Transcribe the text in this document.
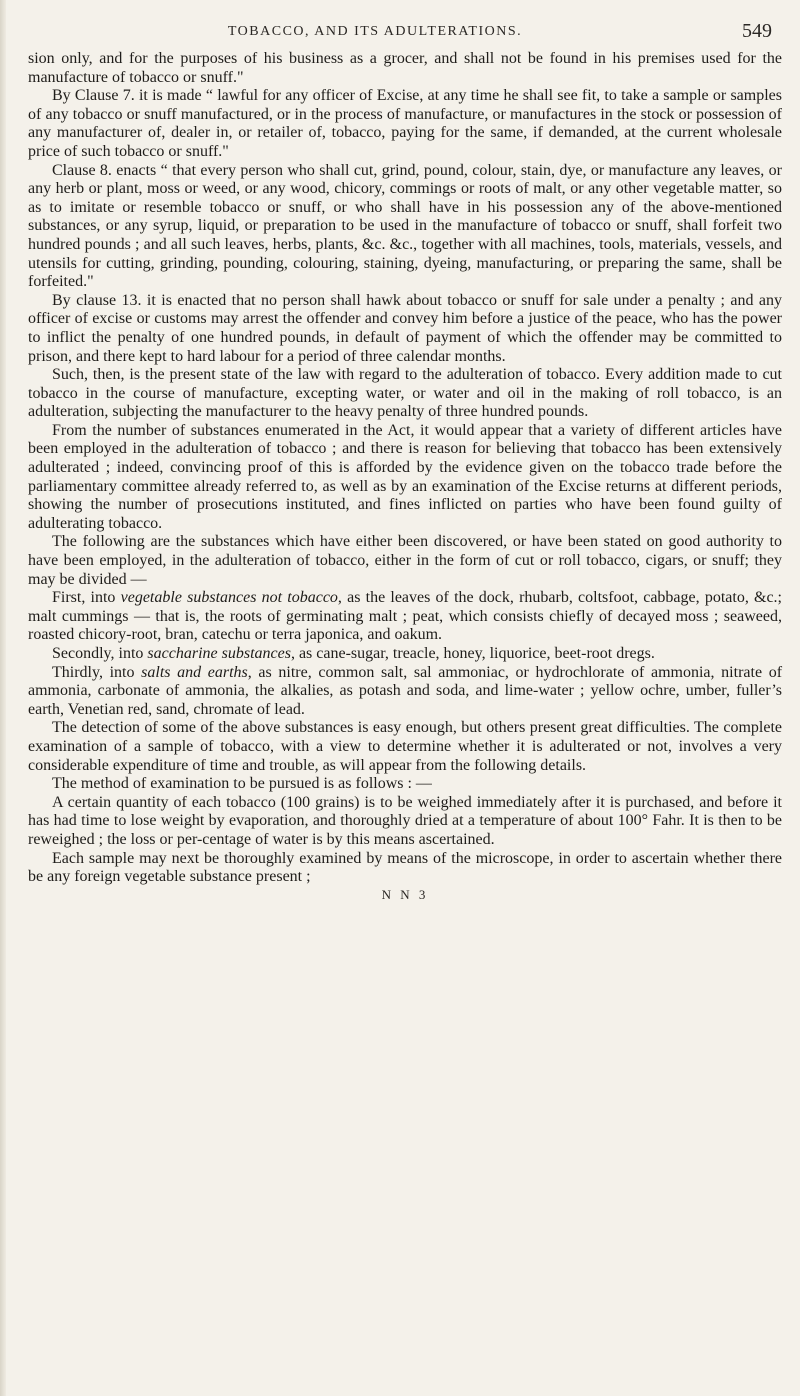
TOBACCO, AND ITS ADULTERATIONS.	549

sion only, and for the purposes of his business as a grocer, and shall not be found in his premises used for the manufacture of tobacco or snuff."

By Clause 7. it is made “ lawful for any officer of Excise, at any time he shall see fit, to take a sample or samples of any tobacco or snuff manufactured, or in the process of manufacture, or manufactures in the stock or possession of any manufacturer of, dealer in, or retailer of, tobacco, paying for the same, if demanded, at the current wholesale price of such tobacco or snuff."

Clause 8. enacts “ that every person who shall cut, grind, pound, colour, stain, dye, or manufacture any leaves, or any herb or plant, moss or weed, or any wood, chicory, commings or roots of malt, or any other vegetable matter, so as to imitate or resemble tobacco or snuff, or who shall have in his possession any of the above-mentioned substances, or any syrup, liquid, or preparation to be used in the manufacture of tobacco or snuff, shall forfeit two hundred pounds ; and all such leaves, herbs, plants, &c. &c., together with all machines, tools, materials, vessels, and utensils for cutting, grinding, pounding, colouring, staining, dyeing, manufacturing, or preparing the same, shall be forfeited."

By clause 13. it is enacted that no person shall hawk about tobacco or snuff for sale under a penalty ; and any officer of excise or customs may arrest the offender and convey him before a justice of the peace, who has the power to inflict the penalty of one hundred pounds, in default of payment of which the offender may be committed to prison, and there kept to hard labour for a period of three calendar months.

Such, then, is the present state of the law with regard to the adulteration of tobacco. Every addition made to cut tobacco in the course of manufacture, excepting water, or water and oil in the making of roll tobacco, is an adulteration, subjecting the manufacturer to the heavy penalty of three hundred pounds.

From the number of substances enumerated in the Act, it would appear that a variety of different articles have been employed in the adulteration of tobacco ; and there is reason for believing that tobacco has been extensively adulterated ; indeed, convincing proof of this is afforded by the evidence given on the tobacco trade before the parliamentary committee already referred to, as well as by an examination of the Excise returns at different periods, showing the number of prosecutions instituted, and fines inflicted on parties who have been found guilty of adulterating tobacco.

The following are the substances which have either been discovered, or have been stated on good authority to have been employed, in the adulteration of tobacco, either in the form of cut or roll tobacco, cigars, or snuff; they may be divided —

First, into vegetable substances not tobacco, as the leaves of the dock, rhubarb, coltsfoot, cabbage, potato, &c.; malt cummings — that is, the roots of germinating malt ; peat, which consists chiefly of decayed moss ; seaweed, roasted chicory-root, bran, catechu or terra japonica, and oakum.

Secondly, into saccharine substances, as cane-sugar, treacle, honey, liquorice, beet-root dregs.

Thirdly, into salts and earths, as nitre, common salt, sal ammoniac, or hydrochlorate of ammonia, nitrate of ammonia, carbonate of ammonia, the alkalies, as potash and soda, and lime-water ; yellow ochre, umber, fuller’s earth, Venetian red, sand, chromate of lead.

The detection of some of the above substances is easy enough, but others present great difficulties. The complete examination of a sample of tobacco, with a view to determine whether it is adulterated or not, involves a very considerable expenditure of time and trouble, as will appear from the following details.

The method of examination to be pursued is as follows : —

A certain quantity of each tobacco (100 grains) is to be weighed immediately after it is purchased, and before it has had time to lose weight by evaporation, and thoroughly dried at a temperature of about 100° Fahr. It is then to be reweighed ; the loss or per-centage of water is by this means ascertained.

Each sample may next be thoroughly examined by means of the microscope, in order to ascertain whether there be any foreign vegetable substance present ;

N N 3
